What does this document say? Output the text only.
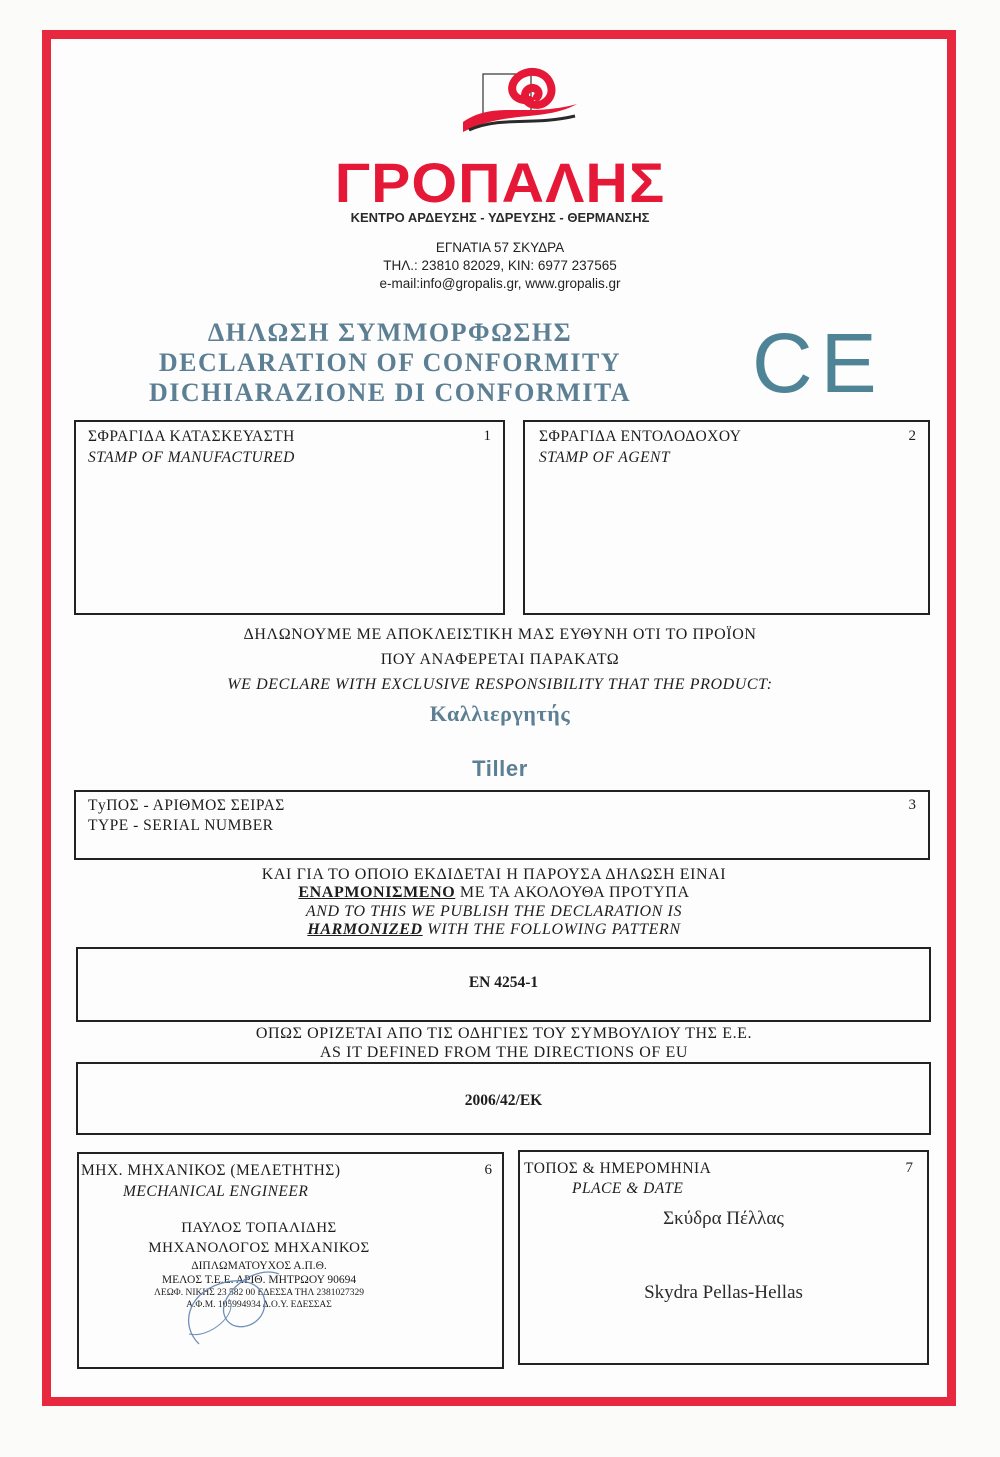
ΓΡΟΠΑΛΗΣ
ΚΕΝΤΡΟ ΑΡΔΕΥΣΗΣ - ΥΔΡΕΥΣΗΣ - ΘΕΡΜΑΝΣΗΣ
ΕΓΝΑΤΙΑ 57 ΣΚΥΔΡΑ
ΤΗΛ.: 23810 82029, ΚΙΝ: 6977 237565
e-mail:info@gropalis.gr, www.gropalis.gr
ΔΗΛΩΣΗ ΣΥΜΜΟΡΦΩΣΗΣ
DECLARATION OF CONFORMITY
DICHIARAZIONE DI CONFORMITA	CE
ΣΦΡΑΓΙΔΑ ΚΑΤΑΣΚΕΥΑΣΤΗ
STAMP OF MANUFACTURED
1	ΣΦΡΑΓΙΔΑ ΕΝΤΟΛΟΔΟΧΟΥ
STAMP OF AGENT
2
ΔΗΛΩΝΟΥΜΕ ΜΕ ΑΠΟΚΛΕΙΣΤΙΚΗ ΜΑΣ ΕΥΘΥΝΗ ΟΤΙ ΤΟ ΠΡΟΪΟΝ
ΠΟΥ ΑΝΑΦΕΡΕΤΑΙ ΠΑΡΑΚΑΤΩ
WE DECLARE WITH EXCLUSIVE RESPONSIBILITY THAT THE PRODUCT:
Καλλιεργητής
Tiller
ΤуΠΟΣ - ΑΡΙΘΜΟΣ ΣΕΙΡΑΣ
TYPE - SERIAL NUMBER
3
ΚΑΙ ΓΙΑ ΤΟ ΟΠΟΙΟ ΕΚΔΙΔΕΤΑΙ Η ΠΑΡΟΥΣΑ ΔΗΛΩΣΗ ΕΙΝΑΙ
ΕΝΑΡΜΟΝΙΣΜΕΝΟ ΜΕ ΤΑ ΑΚΟΛΟΥΘΑ ΠΡΟΤΥΠΑ
AND TO THIS WE PUBLISH THE DECLARATION IS
HARMONIZED WITH THE FOLLOWING PATTERN
EN 4254-1
ΟΠΩΣ ΟΡΙΖΕΤΑΙ ΑΠΟ ΤΙΣ ΟΔΗΓΙΕΣ ΤΟΥ ΣΥΜΒΟΥΛΙΟΥ ΤΗΣ Ε.Ε.
AS IT DEFINED FROM THE DIRECTIONS OF EU
2006/42/EK
ΜΗΧ. ΜΗΧΑΝΙΚΟΣ (ΜΕΛΕΤΗΤΗΣ)
MECHANICAL ENGINEER
6
ΠΑΥΛΟΣ ΤΟΠΑΛΙΔΗΣ
ΜΗΧΑΝΟΛΟΓΟΣ ΜΗΧΑΝΙΚΟΣ
ΔΙΠΛΩΜΑΤΟΥΧΟΣ Α.Π.Θ.
ΜΕΛΟΣ Τ.Ε.Ε. ΑΡΙΘ. ΜΗΤΡΩΟΥ 90694
ΛΕΩΦ. ΝΙΚΗΣ 23 582 00 ΕΔΕΣΣΑ ΤΗΛ 2381027329
Α.Φ.Μ. 105994934 Δ.Ο.Υ. ΕΔΕΣΣΑΣ
ΤΟΠΟΣ & ΗΜΕΡΟΜΗΝΙΑ
PLACE & DATE
7
Σκύδρα Πέλλας
Skydra Pellas-Hellas
